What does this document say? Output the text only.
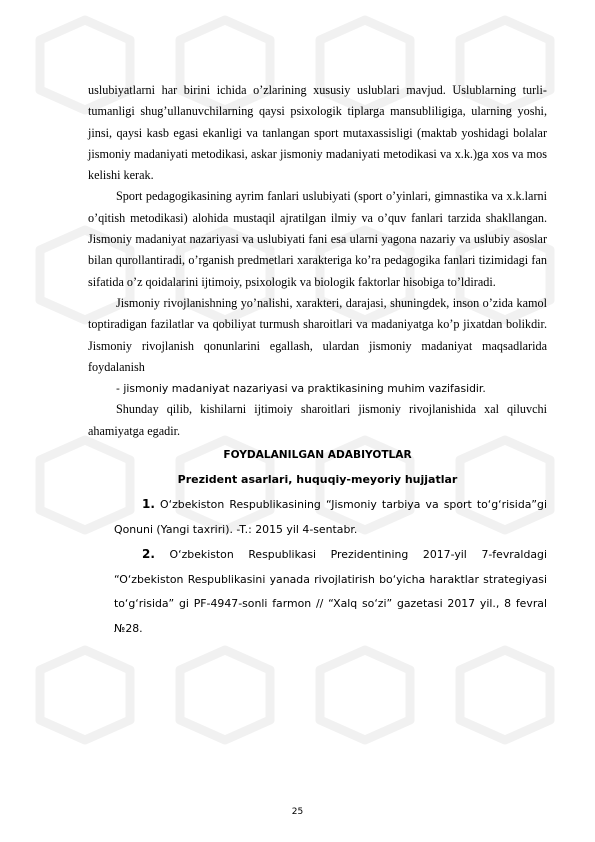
uslubiyatlarni har birini ichida o’zlarining xususiy uslublari mavjud. Uslublarning turli-tumanligi shug’ullanuvchilarning qaysi psixologik tiplarga mansubliligiga, ularning yoshi, jinsi, qaysi kasb egasi ekanligi va tanlangan sport mutaxassisligi (maktab yoshidagi bolalar jismoniy madaniyati metodikasi, askar jismoniy madaniyati metodikasi va x.k.)ga xos va mos kelishi kerak.

Sport pedagogikasining ayrim fanlari uslubiyati (sport o’yinlari, gimnastika va x.k.larni o’qitish metodikasi) alohida mustaqil ajratilgan ilmiy va o’quv fanlari tarzida shakllangan. Jismoniy madaniyat nazariyasi va uslubiyati fani esa ularni yagona nazariy va uslubiy asoslar bilan qurollantiradi, o’rganish predmetlari xarakteriga ko’ra pedagogika fanlari tizimidagi fan sifatida o’z qoidalarini ijtimoiy, psixologik va biologik faktorlar hisobiga to’ldiradi.

Jismoniy rivojlanishning yo’nalishi, xarakteri, darajasi, shuningdek, inson o’zida kamol toptiradigan fazilatlar va qobiliyat turmush sharoitlari va madaniyatga ko’p jixatdan bolikdir. Jismoniy rivojlanish qonunlarini egallash, ulardan jismoniy madaniyat maqsadlarida foydalanish

- jismoniy madaniyat nazariyasi va praktikasining muhim vazifasidir.

Shunday qilib, kishilarni ijtimoiy sharoitlari jismoniy rivojlanishida xal qiluvchi ahamiyatga egadir.

FOYDALANILGAN ADABIYOTLAR

Prezident asarlari, huquqiy-meyoriy hujjatlar

1. O‘zbekiston Respublikasining “Jismoniy tarbiya va sport to‘g‘risida”gi Qonuni (Yangi taxriri). -T.: 2015 yil 4-sentabr.

2. O‘zbekiston Respublikasi Prezidentining 2017-yil 7-fevraldagi “O‘zbekiston Respublikasini yanada rivojlatirish bo‘yicha haraktlar strategiyasi to‘g‘risida” gi PF-4947-sonli farmon // “Xalq so‘zi” gazetasi 2017 yil., 8 fevral №28.

25
